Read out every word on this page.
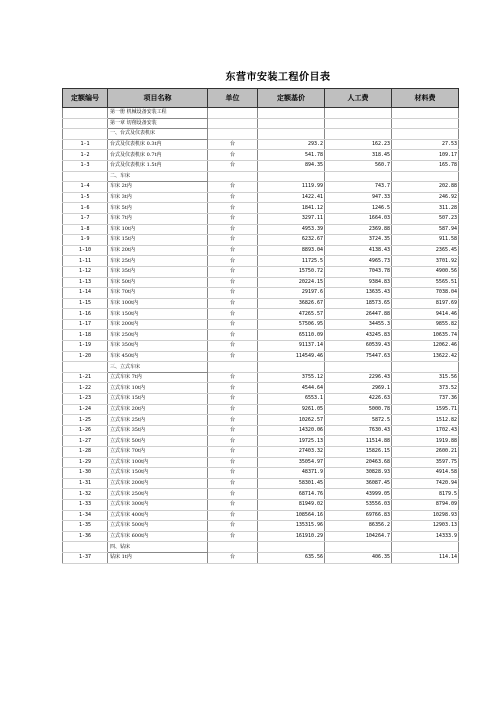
东营市安装工程价目表
定额编号	项目名称	单位	定额基价	人工费	材料费
	第一册 机械设备安装工程				
	第一章 切削设备安装				
	一、台式及仪表机床				
1-1	台式及仪表机床 0.3t内	台	293.2	162.23	27.53
1-2	台式及仪表机床 0.7t内	台	541.78	318.45	109.17
1-3	台式及仪表机床 1.5t内	台	894.35	560.7	165.78
	二、车床				
1-4	车床 2t内	台	1119.99	743.7	202.88
1-5	车床 3t内	台	1422.41	947.33	246.92
1-6	车床 5t内	台	1841.12	1246.5	311.28
1-7	车床 7t内	台	3297.11	1664.03	507.23
1-8	车床 10t内	台	4953.39	2369.88	587.94
1-9	车床 15t内	台	6232.67	3724.35	911.58
1-10	车床 20t内	台	8893.04	4138.43	2365.45
1-11	车床 25t内	台	11725.5	4965.73	3701.92
1-12	车床 35t内	台	15750.72	7043.78	4900.56
1-13	车床 50t内	台	20224.15	9384.83	5565.51
1-14	车床 70t内	台	29197.6	13635.43	7038.04
1-15	车床 100t内	台	36826.67	18573.65	8197.69
1-16	车床 150t内	台	47265.57	26447.88	9414.46
1-17	车床 200t内	台	57506.95	34455.3	9855.82
1-18	车床 250t内	台	65110.09	43245.83	10635.74
1-19	车床 350t内	台	91137.14	60539.43	12062.46
1-20	车床 450t内	台	114549.46	75447.63	13622.42
	三、立式车床				
1-21	立式车床 7t内	台	3755.12	2296.43	315.56
1-22	立式车床 10t内	台	4544.64	2969.1	373.52
1-23	立式车床 15t内	台	6553.1	4226.63	737.36
1-24	立式车床 20t内	台	9261.05	5000.78	1595.71
1-25	立式车床 25t内	台	10262.57	5872.5	1512.82
1-26	立式车床 35t内	台	14320.06	7630.43	1702.43
1-27	立式车床 50t内	台	19725.13	11514.88	1919.88
1-28	立式车床 70t内	台	27403.32	15826.15	2600.21
1-29	立式车床 100t内	台	35054.97	20463.68	3597.75
1-30	立式车床 150t内	台	48371.9	30828.93	4914.58
1-31	立式车床 200t内	台	58301.45	36087.45	7420.94
1-32	立式车床 250t内	台	68714.76	43999.05	8179.5
1-33	立式车床 300t内	台	81949.02	53556.03	8794.09
1-34	立式车床 400t内	台	108564.16	69766.83	10298.93
1-35	立式车床 500t内	台	135315.96	86356.2	12903.13
1-36	立式车床 600t内	台	161910.29	104264.7	14333.9
	四、钻床				
1-37	钻床 1t内	台	635.56	406.35	114.14
